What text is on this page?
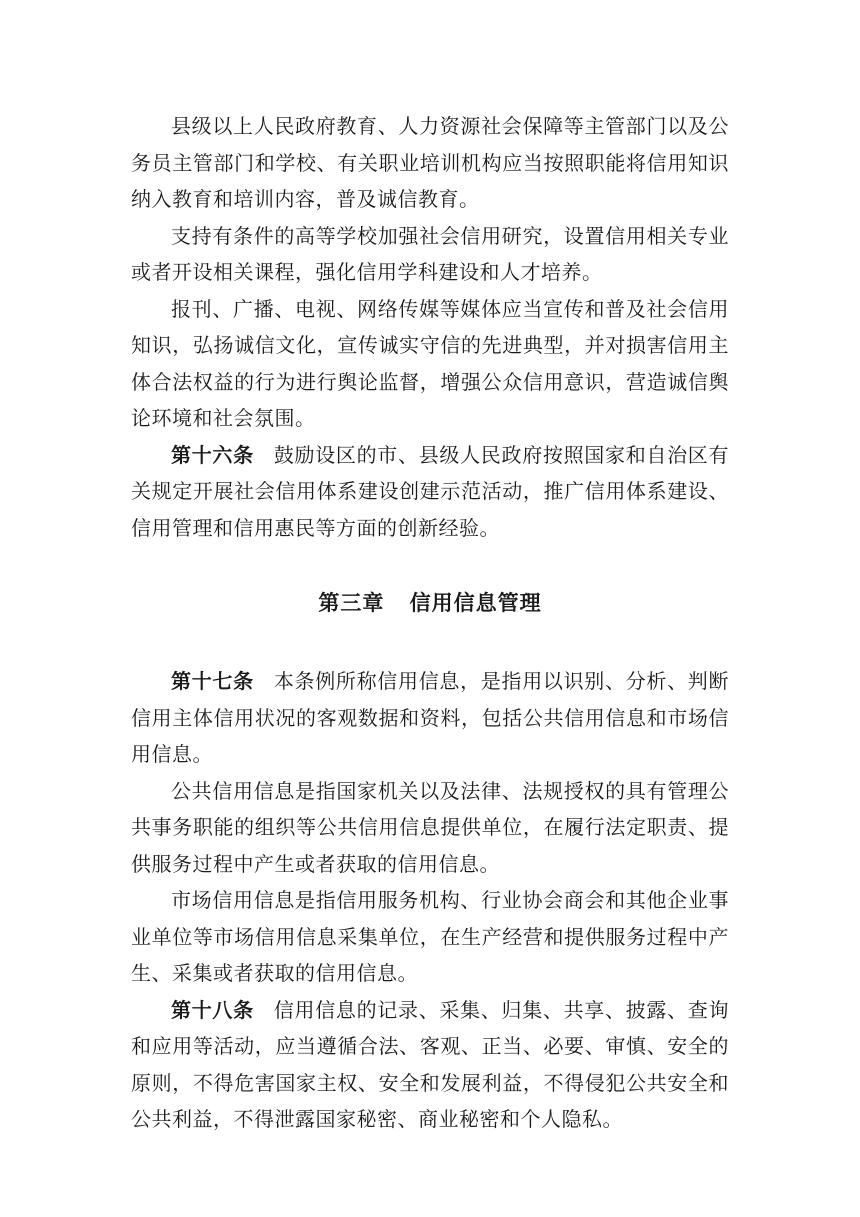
县级以上人民政府教育、人力资源社会保障等主管部门以及公务员主管部门和学校、有关职业培训机构应当按照职能将信用知识纳入教育和培训内容，普及诚信教育。

支持有条件的高等学校加强社会信用研究，设置信用相关专业或者开设相关课程，强化信用学科建设和人才培养。

报刊、广播、电视、网络传媒等媒体应当宣传和普及社会信用知识，弘扬诚信文化，宣传诚实守信的先进典型，并对损害信用主体合法权益的行为进行舆论监督，增强公众信用意识，营造诚信舆论环境和社会氛围。

第十六条 鼓励设区的市、县级人民政府按照国家和自治区有关规定开展社会信用体系建设创建示范活动，推广信用体系建设、信用管理和信用惠民等方面的创新经验。

第三章 信用信息管理

第十七条 本条例所称信用信息，是指用以识别、分析、判断信用主体信用状况的客观数据和资料，包括公共信用信息和市场信用信息。

公共信用信息是指国家机关以及法律、法规授权的具有管理公共事务职能的组织等公共信用信息提供单位，在履行法定职责、提供服务过程中产生或者获取的信用信息。

市场信用信息是指信用服务机构、行业协会商会和其他企业事业单位等市场信用信息采集单位，在生产经营和提供服务过程中产生、采集或者获取的信用信息。

第十八条 信用信息的记录、采集、归集、共享、披露、查询和应用等活动，应当遵循合法、客观、正当、必要、审慎、安全的原则，不得危害国家主权、安全和发展利益，不得侵犯公共安全和公共利益，不得泄露国家秘密、商业秘密和个人隐私。
